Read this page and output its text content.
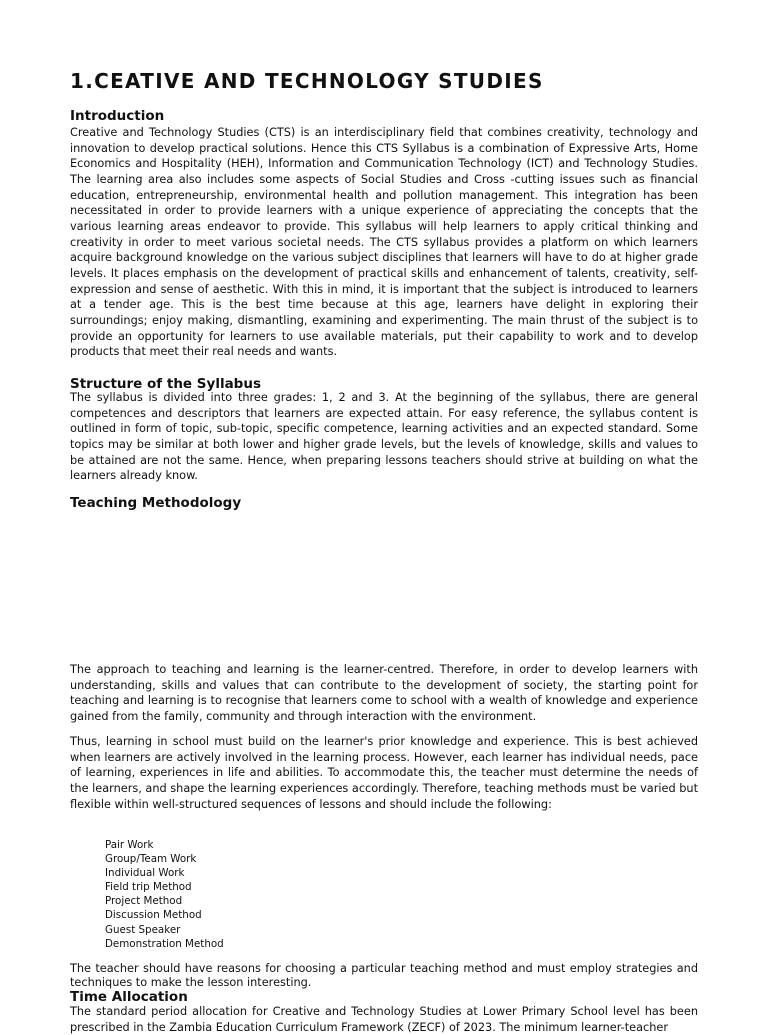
1.CEATIVE AND TECHNOLOGY STUDIES
Introduction

Creative and Technology Studies (CTS) is an interdisciplinary field that combines creativity, technology and innovation to develop practical solutions. Hence this CTS Syllabus is a combination of Expressive Arts, Home Economics and Hospitality (HEH), Information and Communication Technology (ICT) and Technology Studies. The learning area also includes some aspects of Social Studies and Cross -cutting issues such as financial education, entrepreneurship, environmental health and pollution management. This integration has been necessitated in order to provide learners with a unique experience of appreciating the concepts that the various learning areas endeavor to provide. This syllabus will help learners to apply critical thinking and creativity in order to meet various societal needs. The CTS syllabus provides a platform on which learners acquire background knowledge on the various subject disciplines that learners will have to do at higher grade levels. It places emphasis on the development of practical skills and enhancement of talents, creativity, self-expression and sense of aesthetic. With this in mind, it is important that the subject is introduced to learners at a tender age. This is the best time because at this age, learners have delight in exploring their surroundings; enjoy making, dismantling, examining and experimenting. The main thrust of the subject is to provide an opportunity for learners to use available materials, put their capability to work and to develop products that meet their real needs and wants.

Structure of the Syllabus

The syllabus is divided into three grades: 1, 2 and 3. At the beginning of the syllabus, there are general competences and descriptors that learners are expected attain. For easy reference, the syllabus content is outlined in form of topic, sub-topic, specific competence, learning activities and an expected standard. Some topics may be similar at both lower and higher grade levels, but the levels of knowledge, skills and values to be attained are not the same. Hence, when preparing lessons teachers should strive at building on what the learners already know.

Teaching Methodology

The approach to teaching and learning is the learner-centred. Therefore, in order to develop learners with understanding, skills and values that can contribute to the development of society, the starting point for teaching and learning is to recognise that learners come to school with a wealth of knowledge and experience gained from the family, community and through interaction with the environment.

Thus, learning in school must build on the learner's prior knowledge and experience. This is best achieved when learners are actively involved in the learning process. However, each learner has individual needs, pace of learning, experiences in life and abilities. To accommodate this, the teacher must determine the needs of the learners, and shape the learning experiences accordingly. Therefore, teaching methods must be varied but flexible within well-structured sequences of lessons and should include the following:

Pair Work
Group/Team Work
Individual Work
Field trip Method
Project Method
Discussion Method
Guest Speaker
Demonstration Method

The teacher should have reasons for choosing a particular teaching method and must employ strategies and techniques to make the lesson interesting.

Time Allocation

The standard period allocation for Creative and Technology Studies at Lower Primary School level has been prescribed in the Zambia Education Curriculum Framework (ZECF) of 2023. The minimum learner-teacher
